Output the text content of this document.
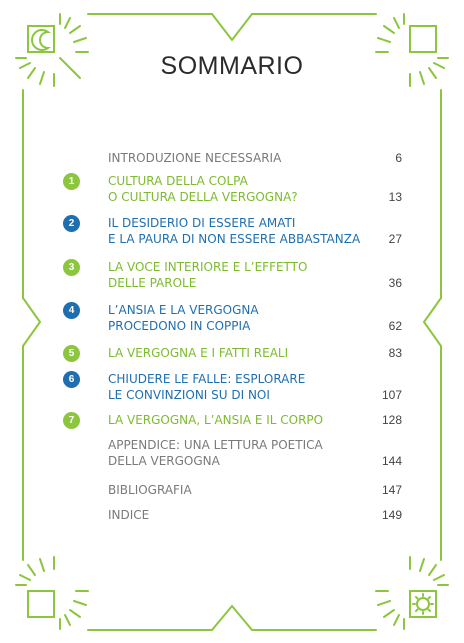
SOMMARIO
INTRODUZIONE NECESSARIA	6
1	CULTURA DELLA COLPA
O CULTURA DELLA VERGOGNA?	13
2	IL DESIDERIO DI ESSERE AMATI
E LA PAURA DI NON ESSERE ABBASTANZA	27
3	LA VOCE INTERIORE E L’EFFETTO
DELLE PAROLE	36
4	L’ANSIA E LA VERGOGNA
PROCEDONO IN COPPIA	62
5	LA VERGOGNA E I FATTI REALI	83
6	CHIUDERE LE FALLE: ESPLORARE
LE CONVINZIONI SU DI NOI	107
7	LA VERGOGNA, L’ANSIA E IL CORPO	128
APPENDICE: UNA LETTURA POETICA
DELLA VERGOGNA	144
BIBLIOGRAFIA	147
INDICE	149
